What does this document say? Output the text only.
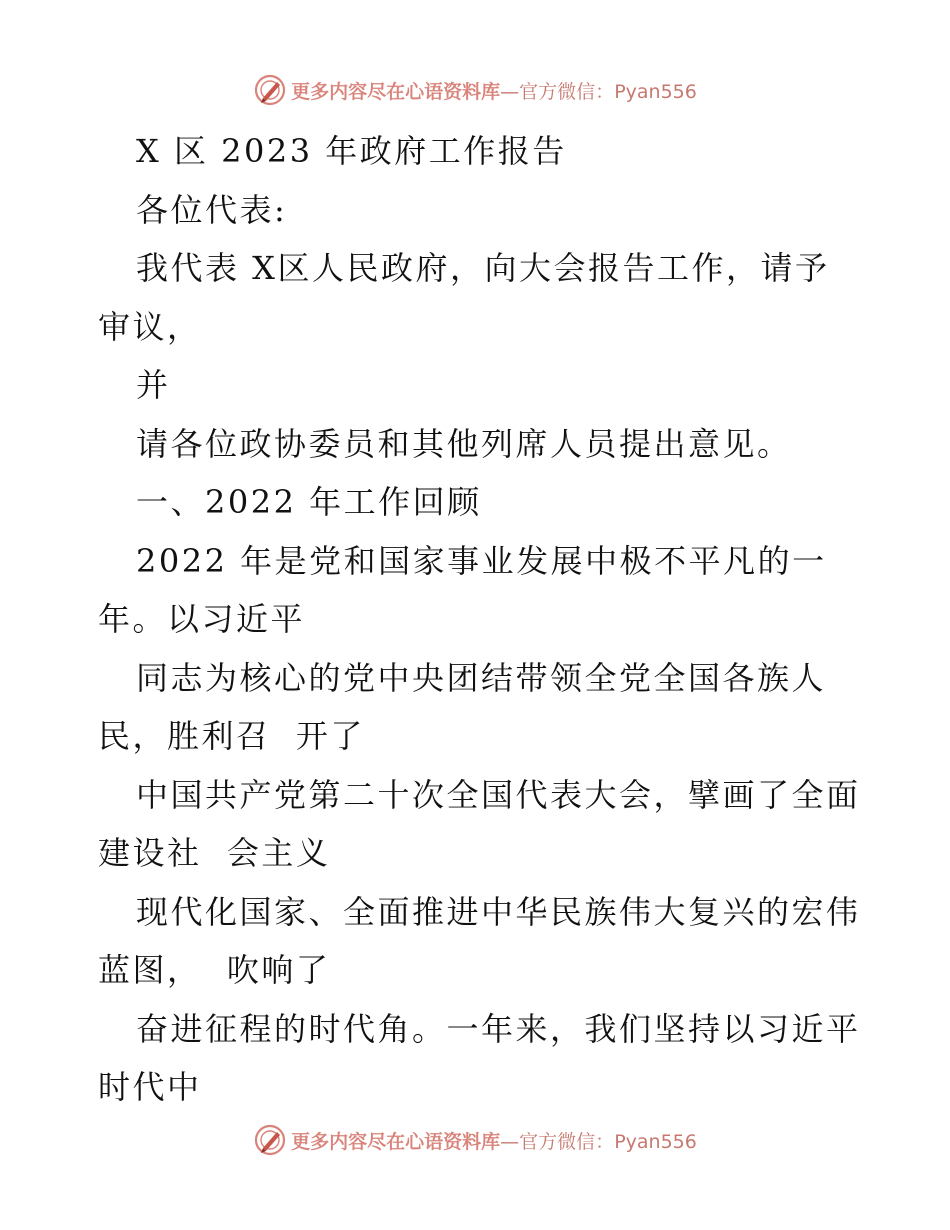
更多内容尽在心语资料库—官方微信：Pyan556
X 区 2023 年政府工作报告
各位代表:
我代表 X区人民政府，向大会报告工作，请予
审议，
并
请各位政协委员和其他列席人员提出意见。
一、2022 年工作回顾
2022 年是党和国家事业发展中极不平凡的一
年。以习近平
同志为核心的党中央团结带领全党全国各族人
民，胜利召  开了
中国共产党第二十次全国代表大会，擘画了全面
建设社  会主义
现代化国家、全面推进中华民族伟大复兴的宏伟
蓝图，  吹响了
奋进征程的时代角。一年来，我们坚持以习近平
时代中
更多内容尽在心语资料库—官方微信：Pyan556
